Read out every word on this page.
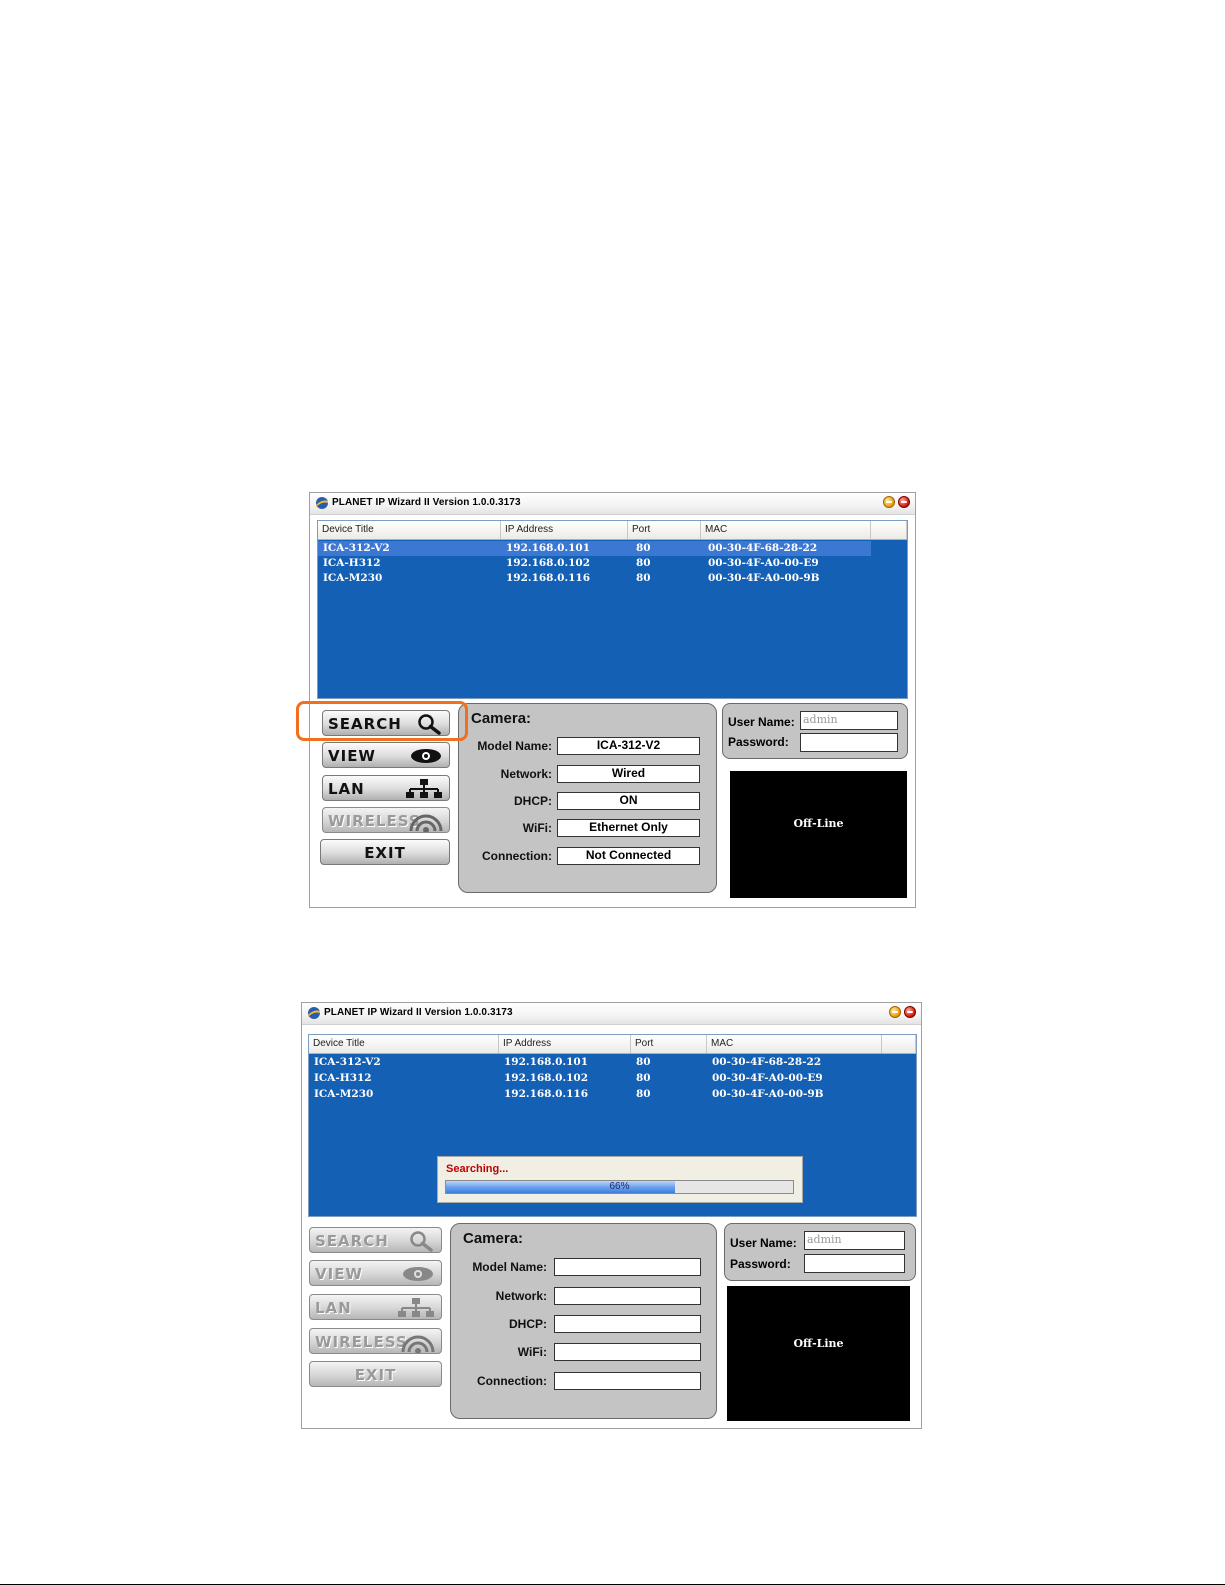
PLANET IP Wizard II Version 1.0.0.3173
Device Title	IP Address	Port	MAC
ICA-312-V2	192.168.0.101	80	00-30-4F-68-28-22
ICA-H312	192.168.0.102	80	00-30-4F-A0-00-E9
ICA-M230	192.168.0.116	80	00-30-4F-A0-00-9B
SEARCH
VIEW
LAN
WIRELESS
EXIT
Camera:
Model Name:	ICA-312-V2
Network:	Wired
DHCP:	ON
WiFi:	Ethernet Only
Connection:	Not Connected
User Name: admin
Password:
Off-Line
PLANET IP Wizard II Version 1.0.0.3173
Device Title	IP Address	Port	MAC
ICA-312-V2	192.168.0.101	80	00-30-4F-68-28-22
ICA-H312	192.168.0.102	80	00-30-4F-A0-00-E9
ICA-M230	192.168.0.116	80	00-30-4F-A0-00-9B
Searching...
66%
SEARCH
VIEW
LAN
WIRELESS
EXIT
Camera:
Model Name:
Network:
DHCP:
WiFi:
Connection:
User Name: admin
Password:
Off-Line
